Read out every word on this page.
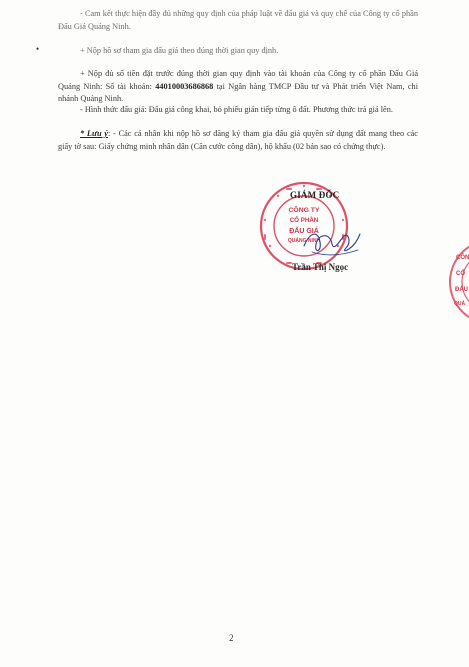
•
- Cam kết thực hiện đầy đủ những quy định của pháp luật về đấu giá và quy chế của Công ty cổ phần Đấu Giá Quảng Ninh.
+ Nộp hồ sơ tham gia đấu giá theo đúng thời gian quy định.
+ Nộp đủ số tiền đặt trước đúng thời gian quy định vào tài khoản của Công ty cổ phần Đấu Giá Quảng Ninh: Số tài khoản: 44010003686868 tại Ngân hàng TMCP Đầu tư và Phát triển Việt Nam, chi nhánh Quảng Ninh.
- Hình thức đấu giá: Đấu giá công khai, bỏ phiếu gián tiếp từng ô đất. Phương thức trả giá lên.
* Lưu ý: - Các cá nhân khi nộp hồ sơ đăng ký tham gia đấu giá quyền sử dụng đất mang theo các giấy tờ sau: Giấy chứng minh nhân dân (Căn cước công dân), hộ khẩu (02 bản sao có chứng thực).
CÔNG TY
CỔ PHẦN
ĐẤU GIÁ
QUẢNG NINH
GIÁM ĐỐC
Trần Thị Ngọc
CÔN
CỔ
ĐẤU
QUẢ
2
